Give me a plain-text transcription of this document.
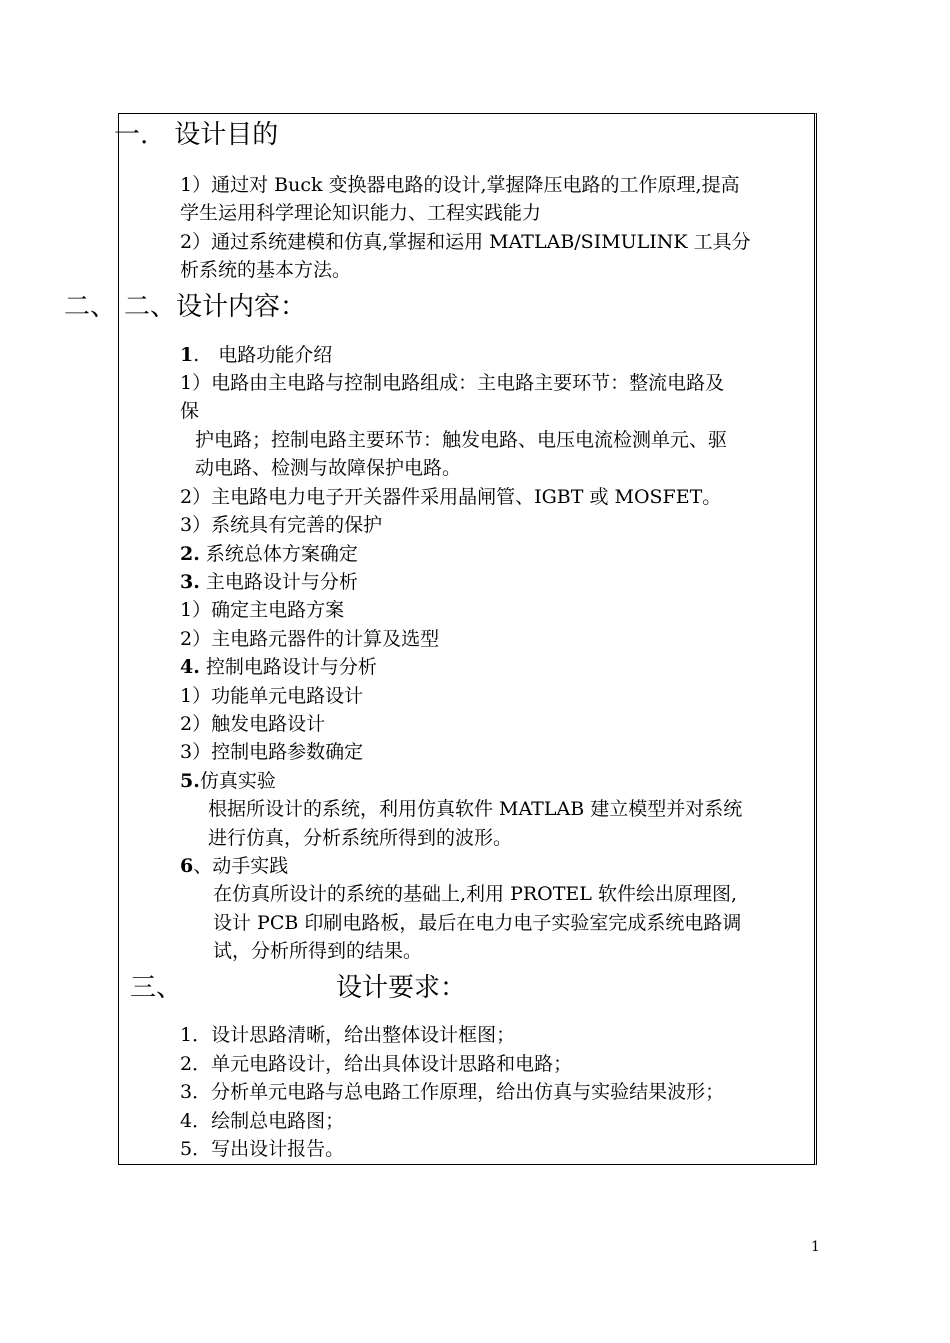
一.　设计目的
1）通过对 Buck 变换器电路的设计,掌握降压电路的工作原理,提高
学生运用科学理论知识能力、工程实践能力
2）通过系统建模和仿真,掌握和运用 MATLAB/SIMULINK 工具分
析系统的基本方法。
二、 二、设计内容：
1.　电路功能介绍
1）电路由主电路与控制电路组成：主电路主要环节：整流电路及
保
护电路；控制电路主要环节：触发电路、电压电流检测单元、驱
动电路、检测与故障保护电路。
2）主电路电力电子开关器件采用晶闸管、IGBT 或 MOSFET。
3）系统具有完善的保护
2. 系统总体方案确定
3. 主电路设计与分析
1）确定主电路方案
2）主电路元器件的计算及选型
4. 控制电路设计与分析
1）功能单元电路设计
2）触发电路设计
3）控制电路参数确定
5.仿真实验
根据所设计的系统，利用仿真软件 MATLAB 建立模型并对系统
进行仿真，分析系统所得到的波形。
6、动手实践
在仿真所设计的系统的基础上,利用 PROTEL 软件绘出原理图,
设计 PCB 印刷电路板，最后在电力电子实验室完成系统电路调
试，分析所得到的结果。
三、	设计要求：
1．设计思路清晰，给出整体设计框图；
2．单元电路设计，给出具体设计思路和电路；
3．分析单元电路与总电路工作原理，给出仿真与实验结果波形；
4．绘制总电路图；
5．写出设计报告。
1
